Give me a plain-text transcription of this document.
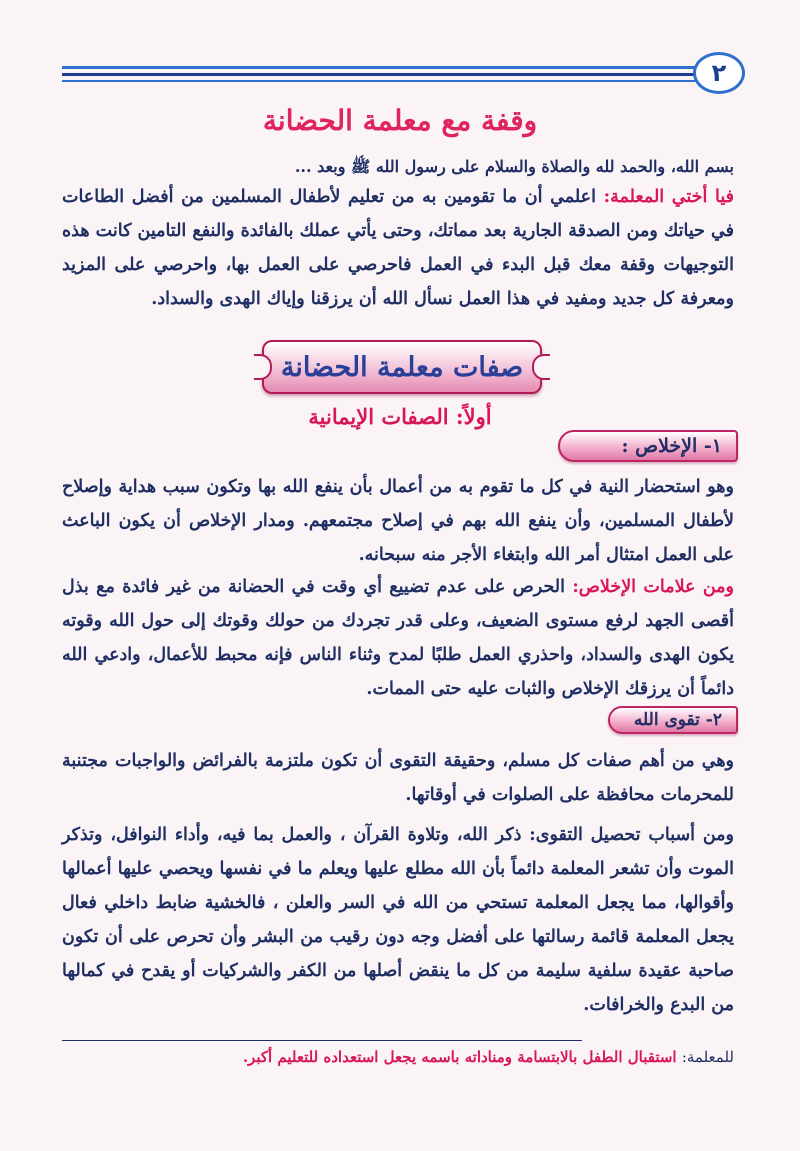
٢
وقفة مع معلمة الحضانة
بسم الله، والحمد لله والصلاة والسلام على رسول الله ﷺ وبعد ...
فيا أختي المعلمة: اعلمي أن ما تقومين به من تعليم لأطفال المسلمين من أفضل الطاعات في حياتك ومن الصدقة الجارية بعد مماتك، وحتى يأتي عملك بالفائدة والنفع التامين كانت هذه التوجيهات وقفة معك قبل البدء في العمل فاحرصي على العمل بها، واحرصي على المزيد ومعرفة كل جديد ومفيد في هذا العمل نسأل الله أن يرزقنا وإياك الهدى والسداد.
صفات معلمة الحضانة
أولاً: الصفات الإيمانية
١- الإخلاص :
وهو استحضار النية في كل ما تقوم به من أعمال بأن ينفع الله بها وتكون سبب هداية وإصلاح لأطفال المسلمين، وأن ينفع الله بهم في إصلاح مجتمعهم. ومدار الإخلاص أن يكون الباعث على العمل امتثال أمر الله وابتغاء الأجر منه سبحانه.
ومن علامات الإخلاص: الحرص على عدم تضييع أي وقت في الحضانة من غير فائدة مع بذل أقصى الجهد لرفع مستوى الضعيف، وعلى قدر تجردك من حولك وقوتك إلى حول الله وقوته يكون الهدى والسداد، واحذري العمل طلبًا لمدح وثناء الناس فإنه محبط للأعمال، وادعي الله دائماً أن يرزقك الإخلاص والثبات عليه حتى الممات.
٢- تقوى الله
وهي من أهم صفات كل مسلم، وحقيقة التقوى أن تكون ملتزمة بالفرائض والواجبات مجتنبة للمحرمات محافظة على الصلوات في أوقاتها.
ومن أسباب تحصيل التقوى: ذكر الله، وتلاوة القرآن ، والعمل بما فيه، وأداء النوافل، وتذكر الموت وأن تشعر المعلمة دائماً بأن الله مطلع عليها ويعلم ما في نفسها ويحصي عليها أعمالها وأقوالها، مما يجعل المعلمة تستحي من الله في السر والعلن ، فالخشية ضابط داخلي فعال يجعل المعلمة قائمة رسالتها على أفضل وجه دون رقيب من البشر وأن تحرص على أن تكون صاحبة عقيدة سلفية سليمة من كل ما ينقض أصلها من الكفر والشركيات أو يقدح في كمالها من البدع والخرافات.
للمعلمة: استقبال الطفل بالابتسامة ومناداته باسمه يجعل استعداده للتعليم أكبر.
